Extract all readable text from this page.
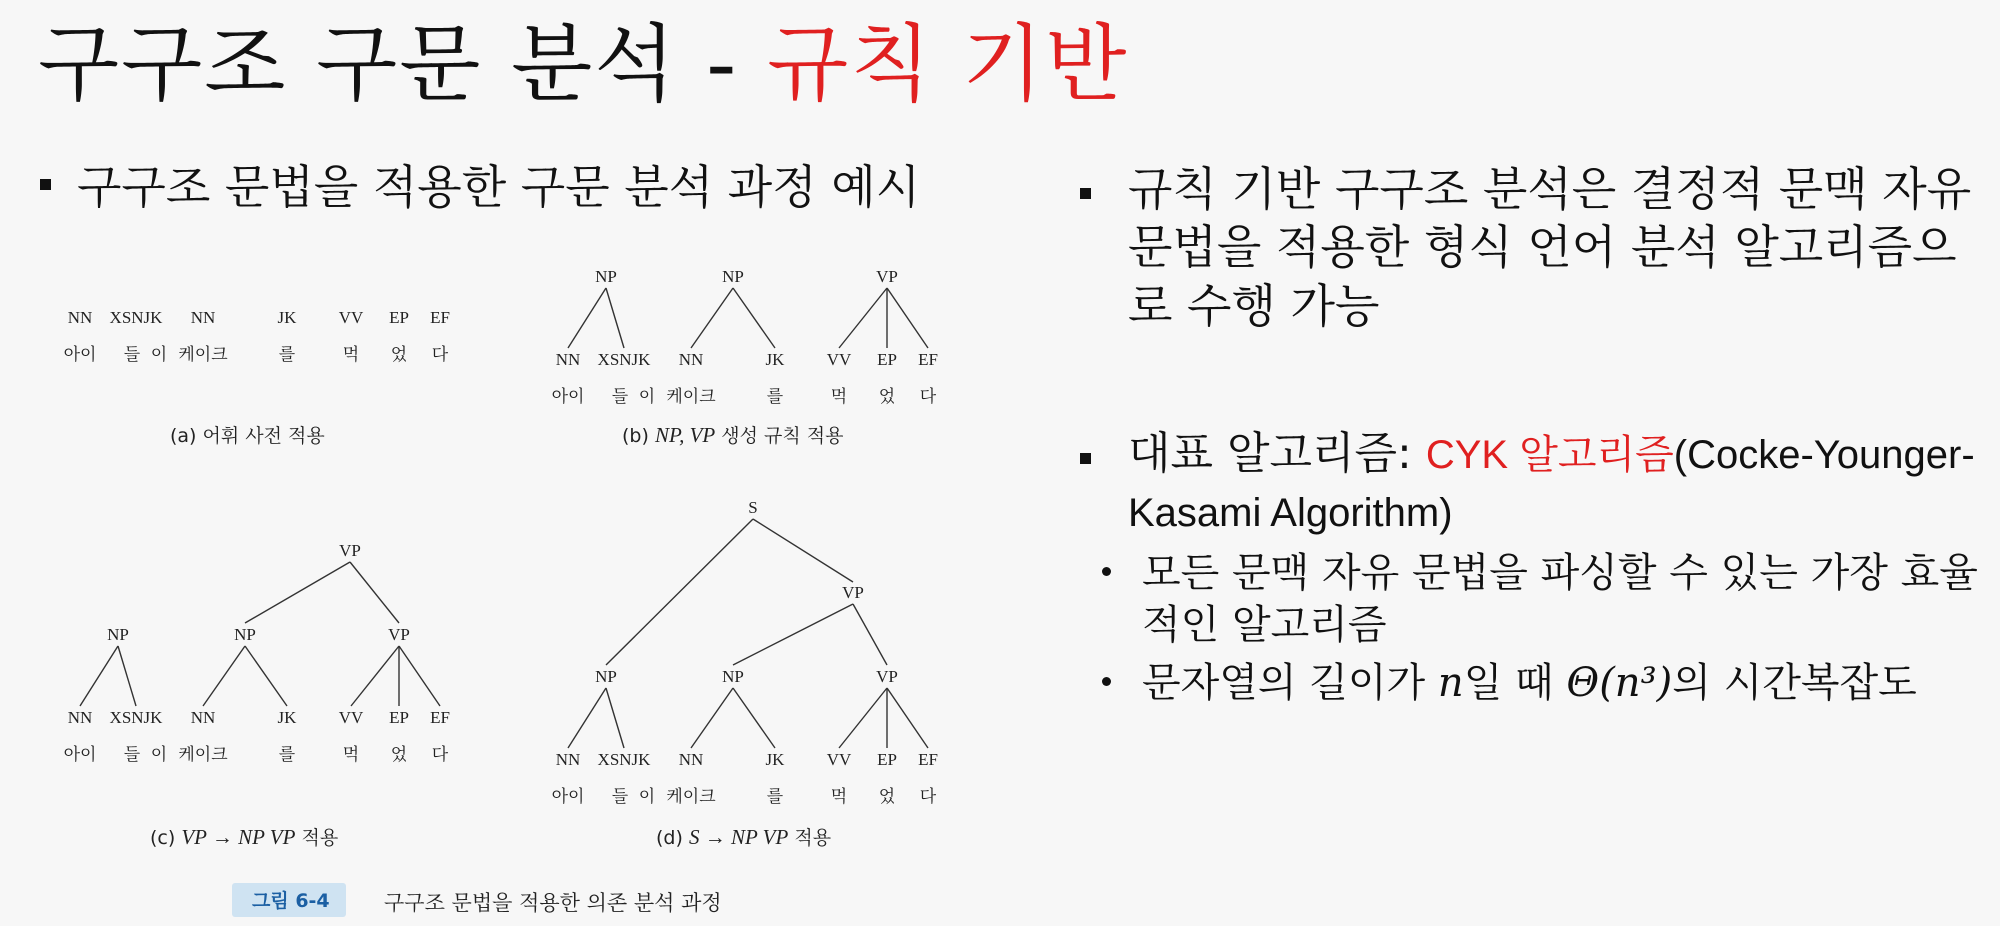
구구조 구문 분석 - 규칙 기반
구구조 문법을 적용한 구문 분석 과정 예시
NN XSNJK NN	JK VV EP EF
아이 들 이 케이크	를	먹 었 다	NN XSNJK NN	JK VV EP EF
아이 들 이 케이크	를	먹 었 다
NP	NP	VP
NN XSNJK NN	JK VV EP EF
아이 들 이 케이크	를	먹 었 다
NP	NP	VP
VP
NN XSNJK NN	JK VV EP EF
아이 들 이 케이크	를	먹 었 다
NP	NP	VP
VP
S
(a) 어휘 사전 적용	(b) NP, VP 생성 규칙 적용
(c) VP → NP VP 적용	(d) S → NP VP 적용
그림 6-4	구구조 문법을 적용한 의존 분석 과정
규칙 기반 구구조 분석은 결정적 문맥 자유 문법을 적용한 형식 언어 분석 알고리즘으로 수행 가능
대표 알고리즘: CYK 알고리즘(Cocke-Younger-Kasami Algorithm)
모든 문맥 자유 문법을 파싱할 수 있는 가장 효율적인 알고리즘
문자열의 길이가 n일 때 Θ(n³)의 시간복잡도
